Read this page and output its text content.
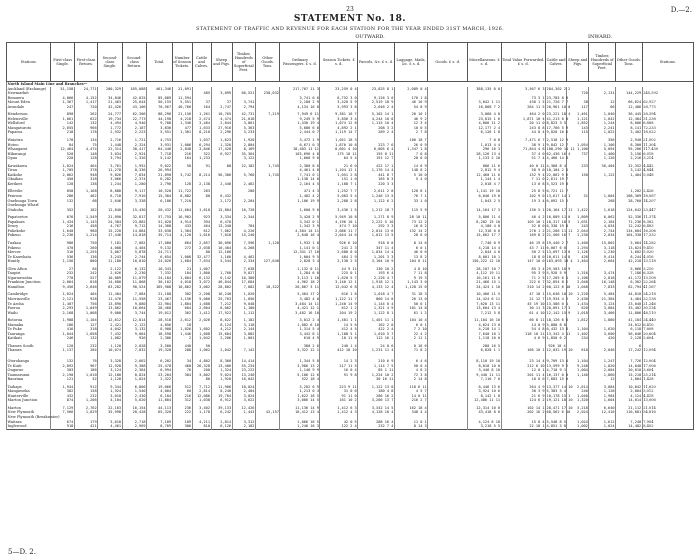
23	D.—2.
STATEMENT No. 18.
STATEMENT OF TRAFFIC AND REVENUE FOR EACH STATION FOR THE YEAR ENDED 31ST MARCH, 1926.
OUTWARD.	INWARD.
Stations.	First-class Single.	First-class Return.	Second-class Single.	Second-class Return.	Total.	Number of Season Tickets.	Cattle and Calves.	Sheep and Pigs.	Timber, Hundreds of Superficial Feet.	Other Goods. Tons.	Ordinary Passengers. £ s. d.	Season Tickets. £ s. d.	Parcels, &c. £ s. d.	Luggage, Mails, &c. £ s. d.	Goods. £ s. d.	Miscellaneous. £ s. d.	Total Value Forwarded. £ s. d.	Cattle and Calves.	Sheep and Pigs.	Timber, Hundreds of Superficial Feet.	Other Goods. Tons.	Stations.
North Island Main Line and Branches—																						
Auckland (Exchange)	51,158	24,771	200,329	185,088	461,346	21,091					217,707 11 3	23,259 0 4	23,825 8 1	2,089 0 4		388,135 0 0	3,567 6 3	284,302 2 2				
Newmarket							485	3,099	66,521	238,032									720	2,131	144,229	245,592
Remuera	4,066	4,152	34,846	42,025	85,089	11,594					3,741 6 0	6,752 3 0	9,126 3 0	170 1 8			73 3 1	23,785 8 8				
Mount Eden	1,367	1,417	21,463	25,644	50,155	5,551	37	37	3,741		2,180 2 9	3,420 5 9	2,519 18 9	46 16 9		3,042 1 11	430 1 5	21,726 7 7	38	12	66,624	62,927
Avondale	247	720	42,426	43,106	70,567	40,766	164	2,747	2,794		4,134 16 8	3,993 3 8	2,646 2 4	54 8 9		16,868 7 2	264 11 5	28,961 10 0	117	66	12,486	28,775

Henderson	890	262	24,777	62,306	88,296	21,156	1,261	10,765	42,731	7,219	7,949 6 11	9,381 16 7	5,102 14 1	20 10 1		3,060 4 8	464 2 0	23,221 18 4	1,461	1,040	36,445	28,394
Helensville	1,061	622	19,734	22,773	44,190	4,218	2,474	4,474	21,018		9,249 5 9	3,856 3 4	4,244 10 0	46 9 2		23,015 1 6	1,871 10 4	41,213 0 0	1,121	1,042	12,484	31,238
Wellsford	142	132	4,494	4,940	9,708	1,346	3,484	2,844	3,861		1,430 19 4	1,074 12 8	1,115 10 4	12 3 4		4,006 11 2	20 11 0	8,823 3 5	1,852	1,244	8,006	6,888
Mangaturoto	2,055	966	1,772	2,187	3,830	477	1,633	27,916	5,363		5,086 6 0	4,892 2 1	208 3 2	10 0 5		12,177 2 4	243 8 8	17,766 5 9	143	2,241	8,141	72,233
Paparoa	218	178	2,932	2,223	5,551	1,301	8,210	2,296	3,233		2,444 0 7	1,119 14 7	289 2 4	2 7 8		6,126 1 8	44 8 4	9,020 16 6	115	1,022	3,402	18,022

Waiotira	178	134	2,716	1,721	4,753		1,037	1,623	1,920		3,472 1 9	1,051 18 3		100 18 7		7 0 8	7,471 6 7	2,518 12 9		356	2,940	21,002
Hoteo	84	75	1,448	2,324	3,931	1,006	6,294	1,320	2,804		6,671 0 3	1,870 10 8	223 7 6	26 0 9		1,013 4 4	38 9 1	9,842 12 7	1,054	1,106	8,300	11,304
Whangarei	12,464	4,474	22,314	30,417	64,446	2,848	3,846	17,428	8,169		18,403 11 11	8,601 4 10	6,805 6 4	1,347 1 8		296 16 3	71,844 4 8	108,290 14 11	1,106	5,094	95,206	117,430
Hikurangi	520	148	3,034	2,924	7,718	216	322	6,927	35,364		103,696 4 8	175 10 11	155 0 11	7 0 8		28,126 13 4	37 4 0	62,436 16 4	737	1,400	3,156	6,018
Opua	220	128	3,794	1,326	5,142	164	1,233		3,122		1,000 9 0	64 5 4	191 12 7	28 0 0		1,133 2 10	51 7 4	4,466 14 8		1,126	2,216	3,214

Kawakawa	1,024	464	3,761	1,952	9,022	58	91	88	22,182	1,745	2,380 8 6	21 6 0	422 17 1	14 6 9		806 11 6	40 0 11	4,368 8 4	233	36,404	22,352	4,442
Tirau	1,705	378	11,278	8,336	26,994						4,461 4 8	1,104 12 1	1,176 14 4	148 8 2		2,812 9 4	58 9 0	10,104 2 5			3,142	4,844
Kaikohe	2,062	948	9,826	7,834	21,890	3,742	8,214	56,306	5,760	1,745	7,741 0 1	1,051 2 8	441 8 7	5 10 0		12,460 11 6	152 9 4	22,062 9 6	150	1,122	1,404	5,048
Okaihau	450	318	3,066	2,374	6,282						1,138 14 0	151 1 0	165 8 3	5 4 0		1,144 1 4	7 11 0	2,611 19 7				
Kerikeri	128	138	1,244	1,280	2,790	128	2,138	2,440	2,462		2,164 4 5	1,108 7 1	220 3 3			2,018 4 7	13 0 8	5,523 19 0				

Ellerslie	858	1,168	8,888	9,117	10,520	11,722	283		200		471 4 3	1,252 7 7	2,611 2 8	120 8 1		1,141 19 10	25 8 5	6,721 11 7			1,202	2,426
Penrose	286	462	6,718	7,910	15,384	8,882	80	6,432			1,482 4 2	5,083 5 4	1,246 13 5	76 7 1		6,046 19 0	102 9 0	13,617 14 1	31	1,004	108,309	18,087
Onehunga Town	132	68	2,646	3,338	6,186	7,210		2,172	2,284		1,106 19 9	2,288 2 8	1,122 6 2	33 1 0		1,043 2 5	19 3 4	6,092 15 2		268	28,760	14,207
Onehunga Wharf																						
Otahuhu	352	182	12,840	15,430	20,432	11,604	1,610	15,804	16,728		1,600 9 6	3,436 1 5	1,212 18 7	115 5 9		14,164 17 3	136 5 1	20,164 17 11	1,422	1,618	124,642	23,447

Papatoetoe	676	1,549	21,090	32,817	57,755	16,902	923	3,334	2,344		3,420 2 9	5,949 10 8	1,271 8 9	28 10 11		5,806 11 4	46 4 2	16,809 11 0	1,809	6,062	52,336	11,374
Papakura	1,434	1,143	24,384	23,882	51,028	4,914	394	6,470			3,342 0 1	4,196 10 1	2,222 5 10	73 12 2		8,282 15 10	103 10 1	18,317 18 5	1,031	2,184	71,236	8,382
Drury	216	458	4,767	9,712	14,308	433	464	13,340	784		1,342 3 9	474 7 10	292 3 3	16 0 2		4,180 4 0	32 8 0	6,338 19 8	243	4,034	12,242	6,483
Pukekohe	1,640	980	15,220	14,884	33,038	1,304	612	7,062	4,226		4,384 14 11	2,086 11 7	2,014 13 6	132 14 2		12,318 0 0	270 1 2	21,206 11 11	2,044	2,744	134,004	16,206
Pokeno	2,236	1,214	17,446	14,818	35,714	4,120	1,616	7,018	15,240		2,648 16 4	2,044 14 6	1,012 13 5	28 6 0		15,662 17 7	169 8 2	21,566 16 7	1,230	2,034	164,330	17,332

Tuakau	986	750	7,181	7,082	17,080	664	2,857	30,096	7,596	1,120	1,932 1 8	926 6 10	918 0 0	8 14 6		7,746 0 9	46 19 6	19,446 2 7	1,460	15,802	5,004	14,282
Pokeno	470	260	4,008	4,404	9,132	272	2,038	10,404	4,268		1,141 0 1	241 2 3	347 11 4	6 0 1		4,218 14 4	43 7 11	6,007 6 0	1,294	3,118	13,024	9,410
Mercer	316	1,255	3,067	5,878	24,711		80	12,166			12,341 17 10	2,680 6 0	1,034 14 4	46 0 6		2,844 4 0	50 2 5	13,697 13 0	1,126	1,230	1,602	5,020
Te Kauwhata	536	136	3,243	2,744	6,654	1,008	32,477	1,160	4,462		1,004 9 5	484 2 9	1,201 3 3	13 8 2		8,001 10 1	18 8 0	10,611 14 8	426	9,414	8,244	4,016
Huntly	1,156	880	11,180	10,810	24,026	1,684	7,634	5,544	2,334	127,640	2,828 3 4	2,138 2 5	3,104 10 9	104 0 11		150,222 12 10	147 10 0	163,093 10 4	1,464	2,664	42,210	13,118

Glen Afton	27	84	2,122	6,132	10,343	21	1,007		7,638		1,132 0 11	44 9 11	130 10 2	4 0 10		28,107 10 7	85 3 4	29,503 18 9			5,066	3,210
Taupiri	232	242	2,626	2,230	7,332	104	1,800	1,760	9,027		1,284 6 8	225 0 1	193 6 4	7 11 8		4,112 19 11	95 3 9	5,928 5 9	1,316	3,474	7,186	6,328
Ngaruawahia	770	527	10,889	11,079	24,184	1,064	6,132	6,142	16,380		3,113 1 10	1,620 5 7	2,226 4 7	9 19 3		10,161 11 6	71 2 5	17,205 6 1	1,106	2,818	41,172	13,108
Frankton Junction	2,064	818	14,680	11,868	30,102	4,018	3,072	46,844	17,684		4,962 18 2	3,140 12 1	1,918 12 1	1,143 3 0		21,466 15 1	222 6 7	32,854 8 2	3,048	16,148	6,302	22,264
Hamilton	9,456	2,646	63,282	90,524	165,908	10,862	3,082	28,802	7,082	18,322	20,807 3 11	12,042 6 8	4,133 12 4	1,128 15 6		24,424 1 10	210 14 2	60,122 6 10	1,048	7,833	62,794	41,167

Cambridge	1,024	404	11,484	7,084	21,188	302	2,208	16,240	1,020		3,464 17 2	616 1 8	1,018 4 7	31 18 3		10,466 11 5	47 18 1	15,648 10 10	1,220	5,484	44,810	24,218
Morrinsville	2,121	928	11,476	11,558	23,467	1,156	5,080	25,703	1,056		3,482 4 0	1,122 11 7	860 14 0	26 13 0		14,424 6 11	21 12 7	19,934 4 2	2,430	21,384	4,484	22,138
Te Aroha	1,407	756	13,890	9,880	22,904	1,804	1,688	7,212	9,048		3,484 14 11	1,240 14 9	1,144 0 4	50 0 1		7,620 13 11	45 19 10	13,586 0 1	1,434	3,124	23,040	21,246
Paeroa	2,293	1,049	13,862	10,664	28,468	604	2,604	8,062	1,180		4,421 12 1	612 1 2	1,321 4 9	101 14 8		13,604 13 4	30 11 3	20,091 17 3	620	3,084	33,402	30,134
Waihi	2,168	1,008	9,000	3,744	19,012	362	1,412	17,922	1,112		3,482 16 10	204 19 2	1,122 8 1	61 1 2		7,212 5 8	61 4 10	12,142 15 9	1,018	3,466	11,806	48,110

Rotorua	1,988	1,104	12,612	12,814	28,518	2,612	2,026	8,622	1,182		3,012 2 4	1,401 1 1	1,401 11 1	104 10 4		11,104 16 10	66 8 11	18,126 6 8	1,812	1,880	41,184	24,440
Mamaku	186	127	2,421	2,122	4,856	18		8,124	3,118		1,082 6 10	14 5 6	162 2 0	6 0 1		4,624 13 0	14 0 9	5,888 8 0			24,012	6,410
Te Puke	416	318	4,042	3,132	8,908	1,026	1,602	4,212	2,144		1,314 5 4	412 4 5	422 2 4	7 2 10		4,218 14 1	54 4 8	6,432 13 8	1,104	1,620	6,118	7,808
Tauranga	1,044	1,058	7,432	9,064	18,598	1,446	1,608	15,604	3,882		3,442 8 1	1,108 5 1	1,010 5 7	22 4 2		7,640 10 1	118 10 11	13,342 4 11	1,402	3,600	56,046	20,604
Katikati	246	132	1,082	926	2,386	2	1,042	2,206	1,001		610 4 9	10 11 6	112 16 1	2 11 1		1,118 16 0	4 6 9	1,850 6 2	234	420	2,128	2,604

Thames South	120	232	1,120	2,028	3,500	440	50				380 2 6	240 1 4	24 0 6	0 16 6		280 16 5		926 10 4			6	
Thames	1,137	284	10,074	7,832	19,328	288	1,062	2,042	7,142		3,322 12 1	412 18 10	1,231 11 4	71 8 2		6,828 1 1	166 10 1	12,032 19 10	610	2,046	17,242	12,094

Otorohanga	132	76	3,328	2,662	6,202	34	4,802	8,360	14,414		1,344 5 8	14 2 3	210 6 9	6 4 6		8,110 19 10	23 14 4	9,709 13 4	1,104	1,247	7,726	12,004
Te Kuiti	2,092	967	12,928	9,388	25,478	460	26,328	13,406	55,234		3,986 13 2	217 11 5	1,114 7 5	50 0 4		8,018 10 0	212 6 10	13,599 9 2	9,248	1,820	14,048	17,006
Ongarue	303	186	3,124	2,384	6,994	76	200	1,324	23,222		1,146 9 9	16 0 4	85 1 11	4 8 2		3,446 8 10	12 0 1	4,710 9 1	1,004	2,004	20,010	3,604
Taumarunui	2,190	1,010	12,180	8,824	23,204	304	3,802	9,024	13,240		5,106 12 6	91 9 8	1,224 10 2	72 3 8		9,440 11 11	201 11 4	16,137 0 0	1,140	1,860	15,210	25,214
Raurimu	121	52	1,128	1,024	2,322		80	1,920	16,042		522 18 4		30 16 11	2 14 8		7,116 7 0	10 0 0	7,683 15 0		12	1,004	1,428

Taihape	1,944	912	9,344	6,866	19,066	512	7,712	11,906	10,024		5,202 6 9	223 9 11	1,122 13 0	118 6 11		6,446 13 6	264 4 9	13,377 14 10	2,614	3,084	10,842	11,620
Mangaweka	382	158	1,924	1,540	4,004	60	2,814	8,240	2,404		1,213 0 4	31 0 6	180 4 8	4 5 7		3,924 10 6	30 3 9	5,383 5 4	240	1,128	2,004	3,012
Hunterville	432	232	3,010	2,430	6,104	216	12,086	19,704	3,024		1,622 18 5	91 11 0	286 16 2	14 0 11		8,142 1 8	21 6 9	10,178 15 1	1,040	1,984	4,124	4,418
Marton Junction	874	1,206	4,104	5,620	11,804	312	1,038	6,912	3,622		3,006 14 5	161 10 2	3,206 13 7	216 2 7		12,406 11 11	124 6 2	19,121 18 10	1,320	1,604	14,014	13,006

Marton	7,129	2,762	22,163	16,154	44,113	236	3,402	39,133	12,426		11,136 14 9	1,412 6 3	3,342 14 5	162 18 4		12,314 10 0	102 14 1	28,471 17 10	3,218	6,640	21,112	21,014
New Plymouth	7,566	1,629	35,998	20,428	65,320	222	1,178	6,242	1,443	42,157	18,412 13 4	1,412 4 3	4,128 10 4	348 4 4		43,418 8 0	202 16 2	68,562 6 10	2,024	12,416	116,001	54,816
New Plymouth (Breakwater)																						
Waitara	674	179	3,618	2,718	7,189	109	4,211	2,814	3,312		1,066 16 5	42 0 5	288 16 4	11 0 1		4,124 6 10	15 8 4	5,548 8 5	1,024	1,612	7,240	7,904
Inglewood	918	421	4,461	2,969	8,769	306	810	6,126	2,182		1,246 16 3	122 2 4	232 7 4	8 14 3		3,218 5 5	22 18 1	4,851 3 8	1,002	1,024	14,402	8,402
5—D. 2.
